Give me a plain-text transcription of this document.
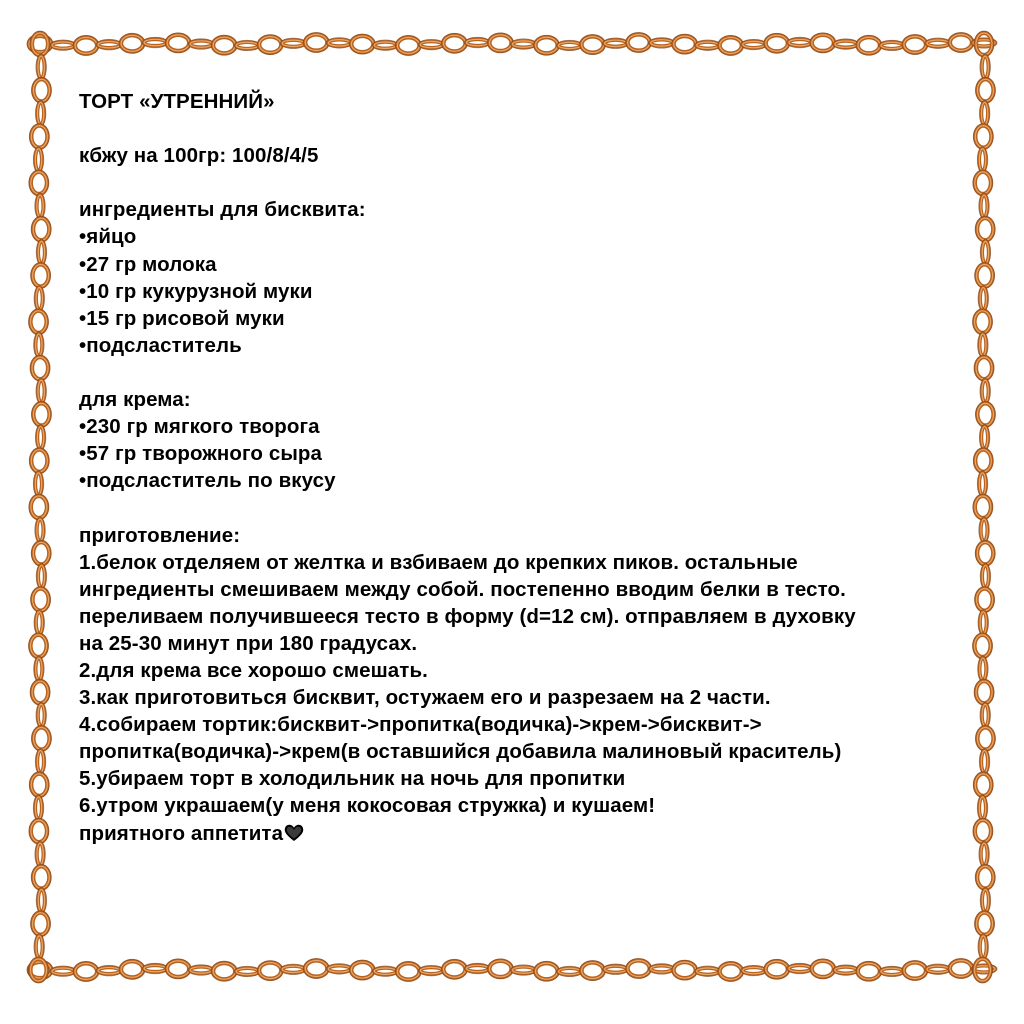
ТОРТ «УТРЕННИЙ»
кбжу на 100гр: 100/8/4/5
ингредиенты для бисквита:
•яйцо
•27 гр молока
•10 гр кукурузной муки
•15 гр рисовой муки
•подсластитель
для крема:
•230 гр мягкого творога
•57 гр творожного сыра
•подсластитель по вкусу
приготовление:
1.белок отделяем от желтка и взбиваем до крепких пиков. остальные
ингредиенты смешиваем между собой. постепенно вводим белки в тесто.
переливаем получившееся тесто в форму (d=12 см). отправляем в духовку
на 25-30 минут при 180 градусах.
2.для крема все хорошо смешать.
3.как приготовиться бисквит, остужаем его и разрезаем на 2 части.
4.собираем тортик:бисквит->пропитка(водичка)->крем->бисквит->
пропитка(водичка)->крем(в оставшийся добавила малиновый краситель)
5.убираем торт в холодильник на ночь для пропитки
6.утром украшаем(у меня кокосовая стружка) и кушаем!
приятного аппетита
